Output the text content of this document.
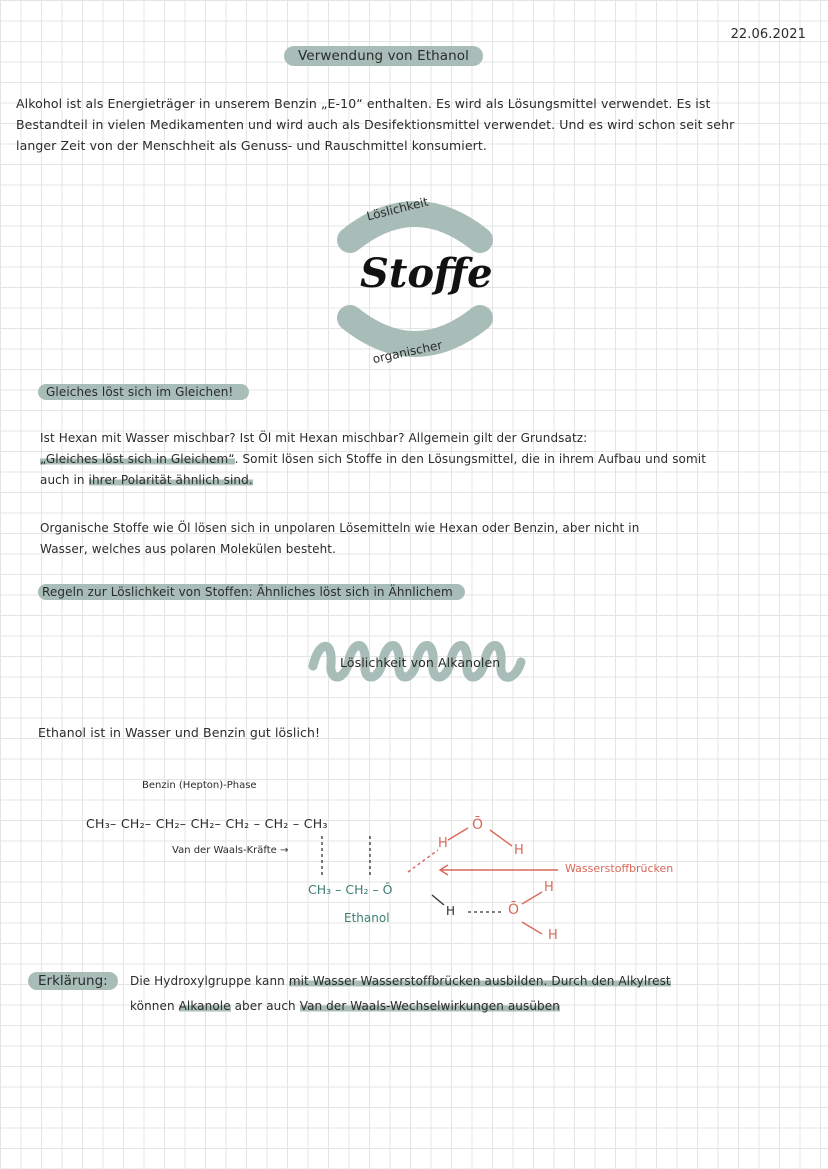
22.06.2021
Verwendung von Ethanol
Alkohol ist als Energieträger in unserem Benzin „E-10“ enthalten. Es wird als Lösungsmittel verwendet. Es ist
Bestandteil in vielen Medikamenten und wird auch als Desifektionsmittel verwendet. Und es wird schon seit sehr
langer Zeit von der Menschheit als Genuss- und Rauschmittel konsumiert.
Löslichkeit
Stoffe
organischer
Gleiches löst sich im Gleichen!
Ist Hexan mit Wasser mischbar? Ist Öl mit Hexan mischbar? Allgemein gilt der Grundsatz:
„Gleiches löst sich in Gleichem“. Somit lösen sich Stoffe in den Lösungsmittel, die in ihrem Aufbau und somit
auch in ihrer Polarität ähnlich sind.
Organische Stoffe wie Öl lösen sich in unpolaren Lösemitteln wie Hexan oder Benzin, aber nicht in
Wasser, welches aus polaren Molekülen besteht.
Regeln zur Löslichkeit von Stoffen: Ähnliches löst sich in Ähnlichem
Löslichkeit von Alkanolen
Ethanol ist in Wasser und Benzin gut löslich!
Benzin (Hepton)-Phase
CH₃– CH₂– CH₂– CH₂– CH₂ – CH₂ – CH₃
Van der Waals-Kräfte →
Ō
H	H
Wasserstoffbrücken
CH₃ – CH₂ – Ō
H
Ethanol	Ō
H
H
Erklärung:	Die Hydroxylgruppe kann mit Wasser Wasserstoffbrücken ausbilden. Durch den Alkylrest
können Alkanole aber auch Van der Waals-Wechselwirkungen ausüben
